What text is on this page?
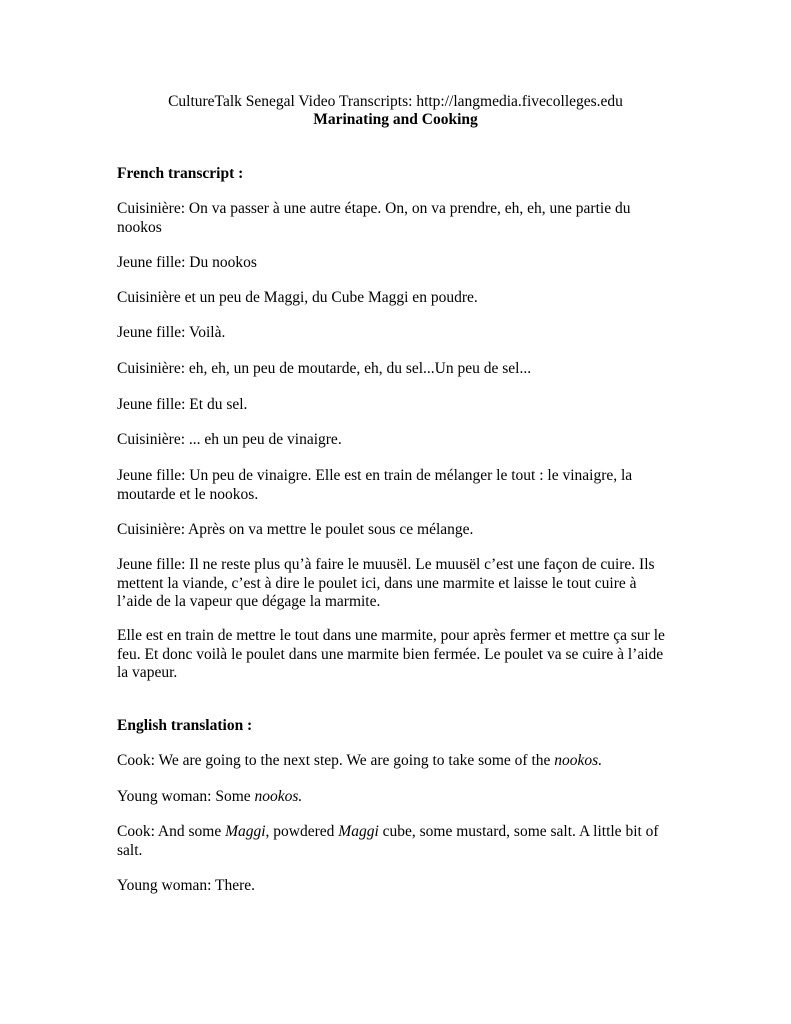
CultureTalk Senegal Video Transcripts: http://langmedia.fivecolleges.edu
Marinating and Cooking
French transcript :

Cuisinière: On va passer à une autre étape. On, on va prendre, eh, eh, une partie du
nookos

Jeune fille: Du nookos

Cuisinière et un peu de Maggi, du Cube Maggi en poudre.

Jeune fille: Voilà.

Cuisinière: eh, eh, un peu de moutarde, eh, du sel...Un peu de sel...

Jeune fille: Et du sel.

Cuisinière: ... eh un peu de vinaigre.

Jeune fille: Un peu de vinaigre. Elle est en train de mélanger le tout : le vinaigre, la
moutarde et le nookos.

Cuisinière: Après on va mettre le poulet sous ce mélange.

Jeune fille: Il ne reste plus qu’à faire le muusël. Le muusël c’est une façon de cuire. Ils
mettent la viande, c’est à dire le poulet ici, dans une marmite et laisse le tout cuire à
l’aide de la vapeur que dégage la marmite.

Elle est en train de mettre le tout dans une marmite, pour après fermer et mettre ça sur le
feu. Et donc voilà le poulet dans une marmite bien fermée. Le poulet va se cuire à l’aide
la vapeur.

English translation :

Cook: We are going to the next step. We are going to take some of the nookos.

Young woman: Some nookos.

Cook: And some Maggi, powdered Maggi cube, some mustard, some salt. A little bit of
salt.

Young woman: There.
